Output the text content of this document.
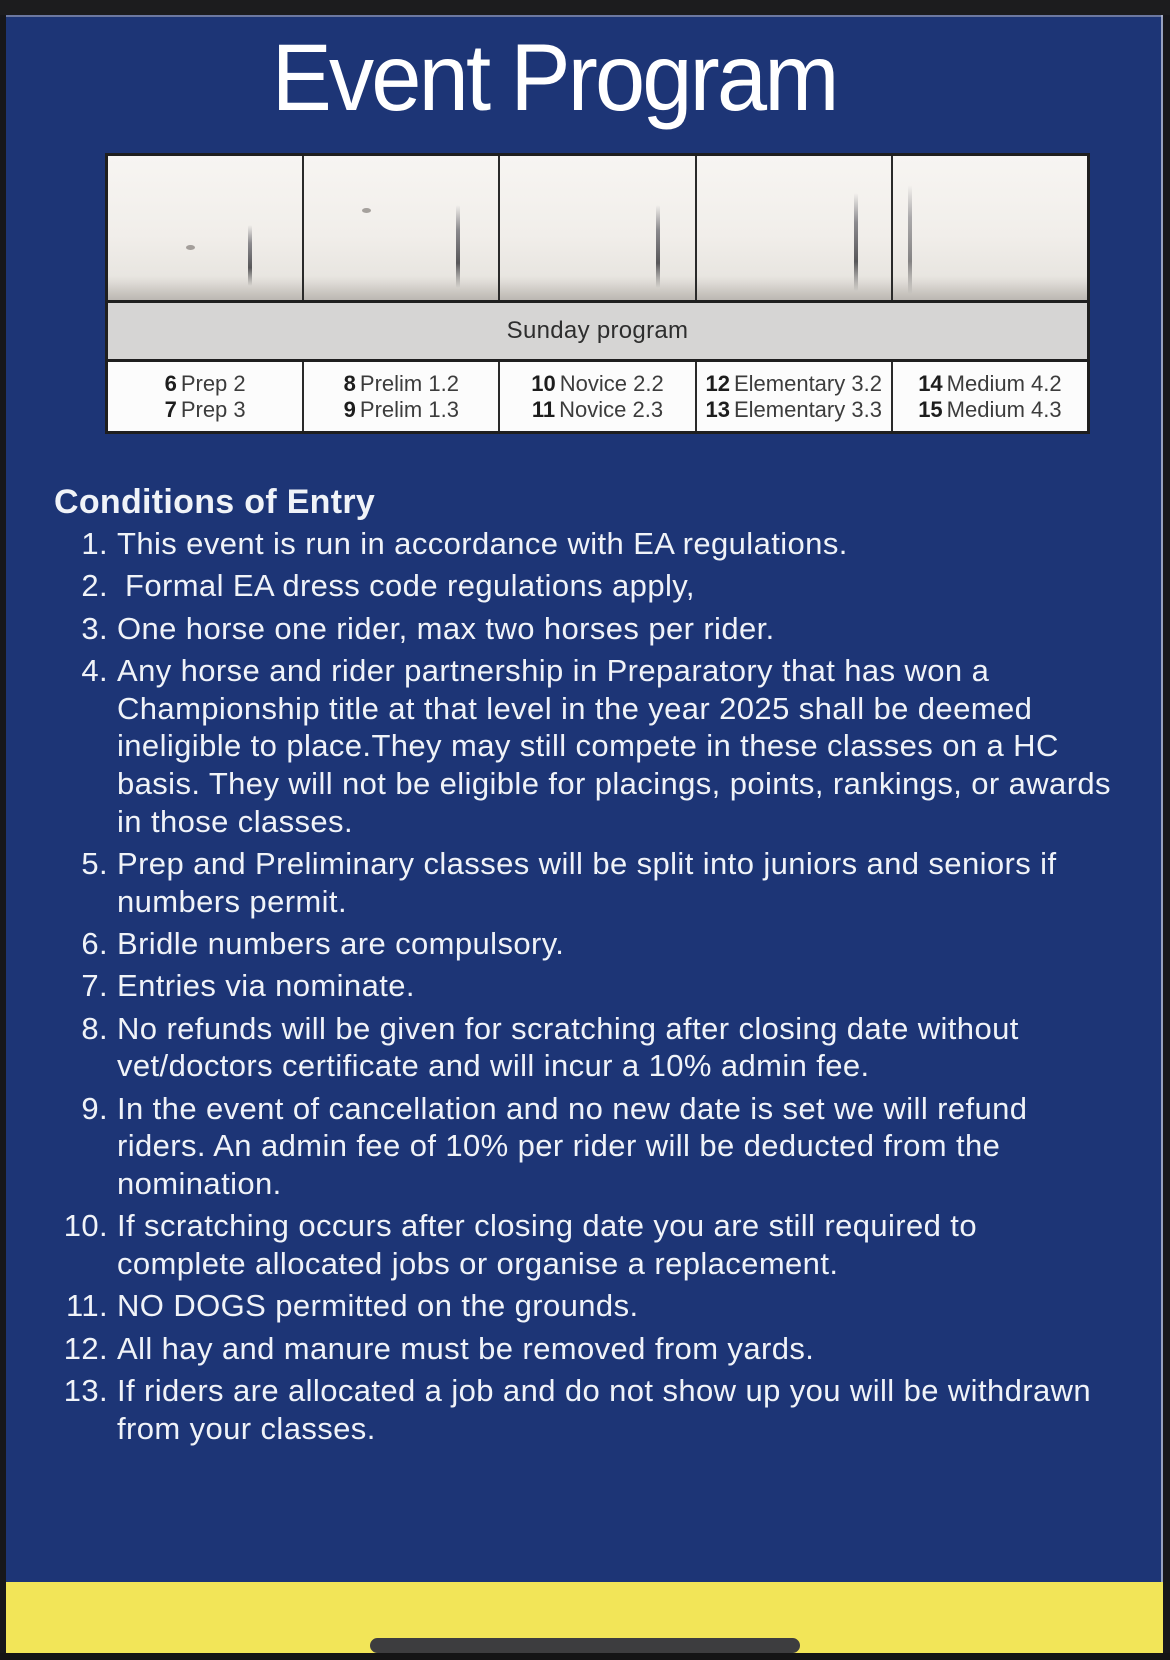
Event Program
Sunday program
6 Prep 2
7 Prep 3
8 Prelim 1.2
9 Prelim 1.3
10 Novice 2.2
11 Novice 2.3
12 Elementary 3.2
13 Elementary 3.3
14 Medium 4.2
15 Medium 4.3
Conditions of Entry
1. This event is run in accordance with EA regulations.
2. Formal EA dress code regulations apply,
3. One horse one rider, max two horses per rider.
4. Any horse and rider partnership in Preparatory that has won a Championship title at that level in the year 2025 shall be deemed ineligible to place.They may still compete in these classes on a HC basis. They will not be eligible for placings, points, rankings, or awards in those classes.
5. Prep and Preliminary classes will be split into juniors and seniors if numbers permit.
6. Bridle numbers are compulsory.
7. Entries via nominate.
8. No refunds will be given for scratching after closing date without vet/doctors certificate and will incur a 10% admin fee.
9. In the event of cancellation and no new date is set we will refund riders. An admin fee of 10% per rider will be deducted from the nomination.
10. If scratching occurs after closing date you are still required to complete allocated jobs or organise a replacement.
11. NO DOGS permitted on the grounds.
12. All hay and manure must be removed from yards.
13. If riders are allocated a job and do not show up you will be withdrawn from your classes.
